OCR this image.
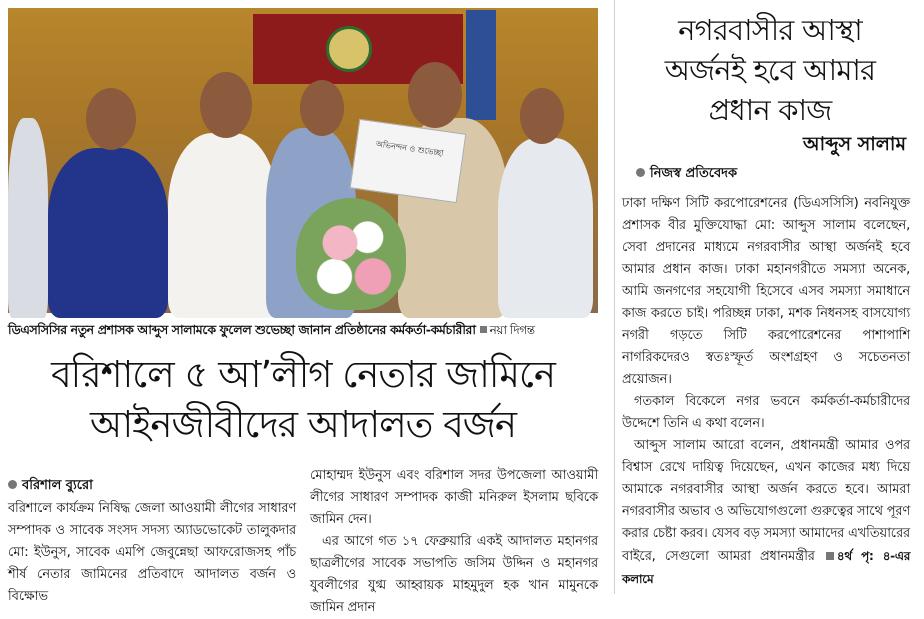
অভিনন্দন ও শুভেচ্ছা
ডিএসসিসির নতুন প্রশাসক আব্দুস সালামকে ফুলেল শুভেচ্ছা জানান প্রতিষ্ঠানের কর্মকর্তা-কর্মচারীরা নয়া দিগন্ত
বরিশালে ৫ আ’লীগ নেতার জামিনে
আইনজীবীদের আদালত বর্জন
বরিশাল ব্যুরো

বরিশালে কার্যক্রম নিষিদ্ধ জেলা আওয়ামী লীগের সাধারণ সম্পাদক ও সাবেক সংসদ সদস্য অ্যাডভোকেট তালুকদার মো: ইউনুস, সাবেক এমপি জেবুন্নেছা আফরোজসহ পাঁচ শীর্ষ নেতার জামিনের প্রতিবাদে আদালত বর্জন ও বিক্ষোভ

মোহাম্মদ ইউনুস এবং বরিশাল সদর উপজেলা আওয়ামী লীগের সাধারণ সম্পাদক কাজী মনিরুল ইসলাম ছবিকে জামিন দেন।

এর আগে গত ১৭ ফেব্রুয়ারি একই আদালত মহানগর ছাত্রলীগের সাবেক সভাপতি জসিম উদ্দিন ও মহানগর যুবলীগের যুগ্ম আহ্বায়ক মাহমুদুল হক খান মামুনকে জামিন প্রদান

নগরবাসীর আস্থা
অর্জনই হবে আমার
প্রধান কাজ
আব্দুস সালাম
নিজস্ব প্রতিবেদক

ঢাকা দক্ষিণ সিটি করপোরেশনের (ডিএসসিসি) নবনিযুক্ত প্রশাসক বীর মুক্তিযোদ্ধা মো: আব্দুস সালাম বলেছেন, সেবা প্রদানের মাধ্যমে নগরবাসীর আস্থা অর্জনই হবে আমার প্রধান কাজ। ঢাকা মহানগরীতে সমস্যা অনেক, আমি জনগণের সহযোগী হিসেবে এসব সমস্যা সমাধানে কাজ করতে চাই। পরিচ্ছন্ন ঢাকা, মশক নিধনসহ বাসযোগ্য নগরী গড়তে সিটি করপোরেশনের পাশাপাশি নাগরিকদেরও স্বতঃস্ফূর্ত অংশগ্রহণ ও সচেতনতা প্রয়োজন।

গতকাল বিকেলে নগর ভবনে কর্মকর্তা-কর্মচারীদের উদ্দেশে তিনি এ কথা বলেন।

আব্দুস সালাম আরো বলেন, প্রধানমন্ত্রী আমার ওপর বিশ্বাস রেখে দায়িত্ব দিয়েছেন, এখন কাজের মধ্য দিয়ে আমাকে নগরবাসীর আস্থা অর্জন করতে হবে। আমরা নগরবাসীর অভাব ও অভিযোগগুলো গুরুত্বের সাথে পূরণ করার চেষ্টা করব। যেসব বড় সমস্যা আমাদের এখতিয়ারের বাইরে, সেগুলো আমরা প্রধানমন্ত্রীর ৪র্থ পৃ: ৪-এর কলামে
